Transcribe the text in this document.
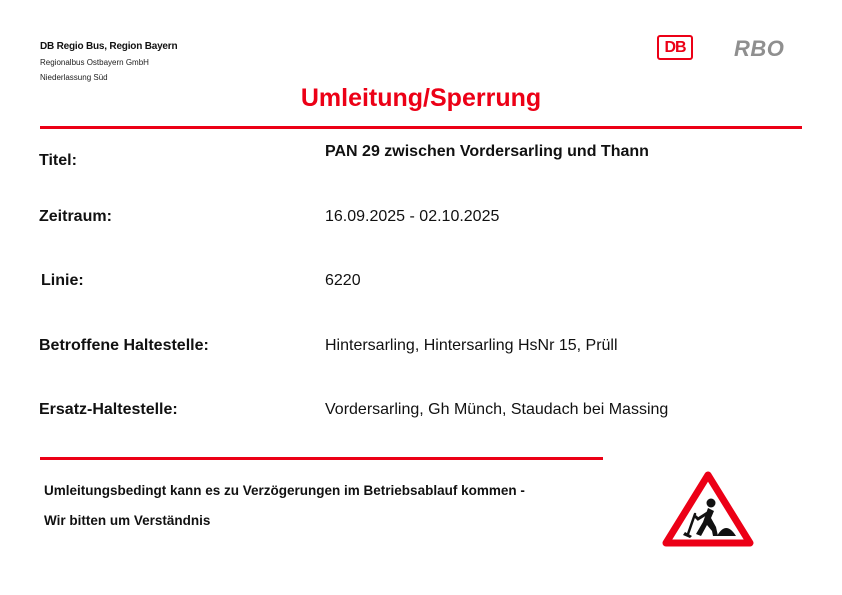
DB Regio Bus, Region Bayern
Regionalbus Ostbayern GmbH
Niederlassung Süd
DB RBO
Umleitung/Sperrung
Titel:
PAN 29 zwischen Vordersarling und Thann
Zeitraum:	16.09.2025 - 02.10.2025
Linie:	6220
Betroffene Haltestelle:	Hintersarling, Hintersarling HsNr 15, Prüll
Ersatz-Haltestelle:	Vordersarling, Gh Münch, Staudach bei Massing
Umleitungsbedingt kann es zu Verzögerungen im Betriebsablauf kommen -
Wir bitten um Verständnis
